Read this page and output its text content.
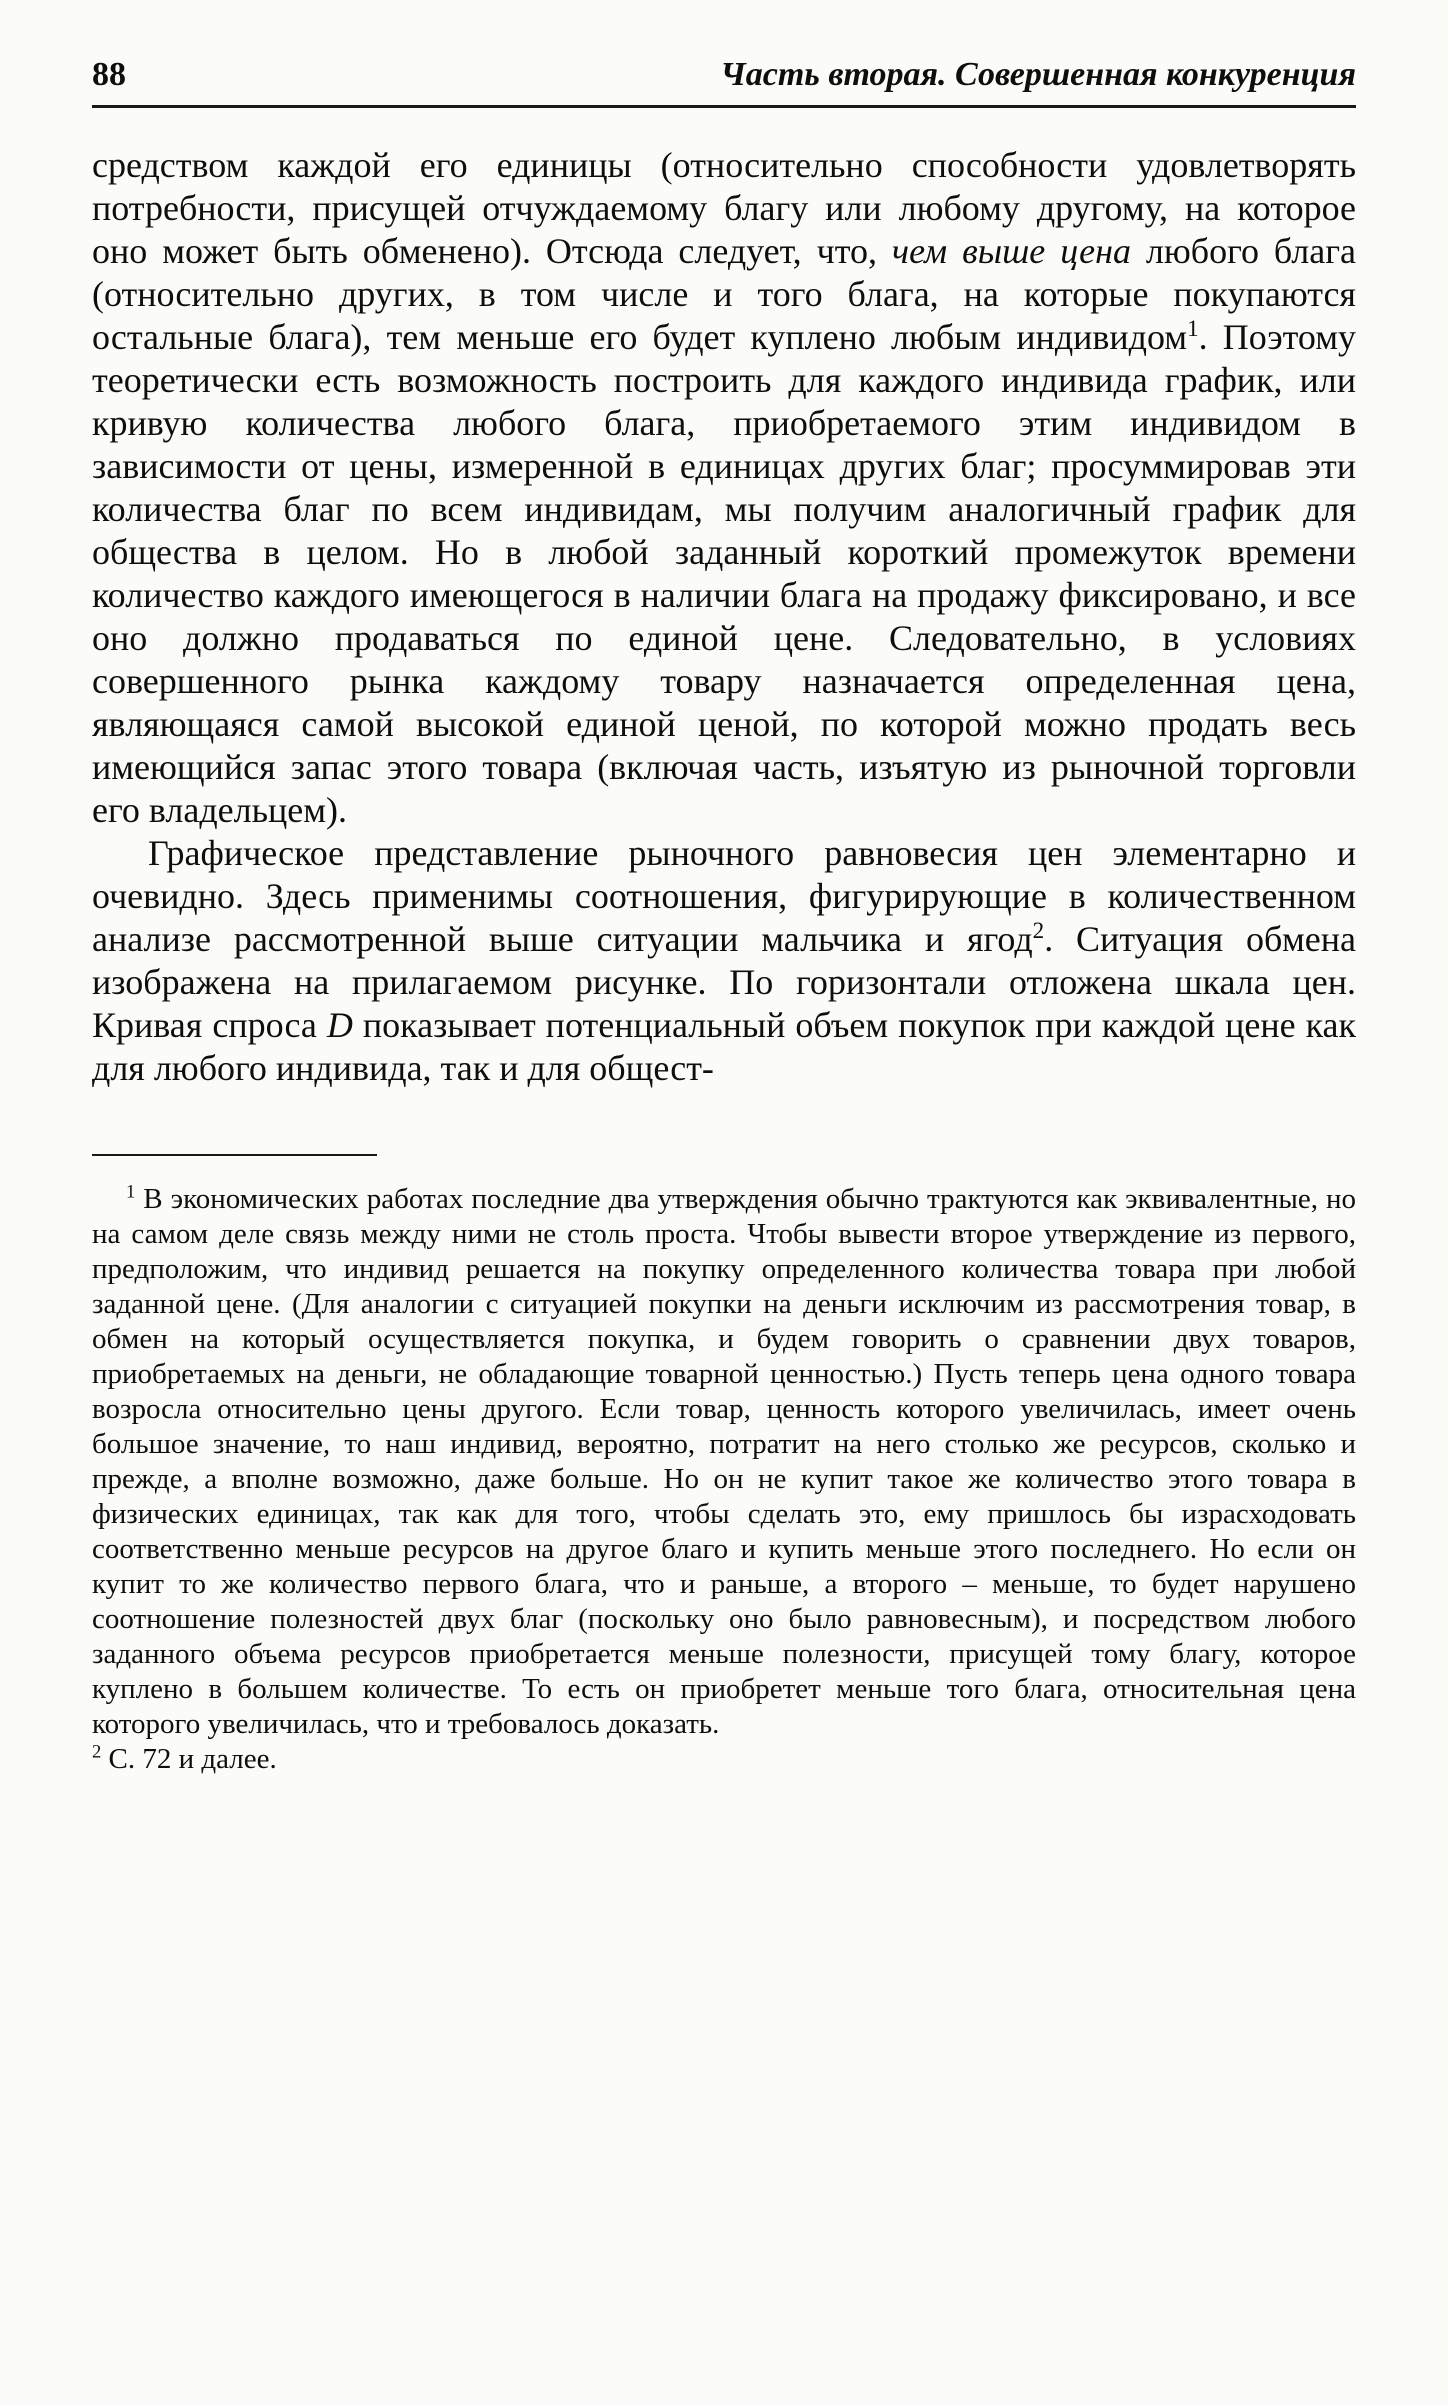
88	Часть вторая. Совершенная конкуренция

средством каждой его единицы (относительно способности удовлетворять потребности, присущей отчуждаемому благу или любому другому, на которое оно может быть обменено). Отсюда следует, что, чем выше цена любого блага (относительно других, в том числе и того блага, на которые покупаются остальные блага), тем меньше его будет куплено любым индивидом$^1$. Поэтому теоретически есть возможность построить для каждого индивида график, или кривую количества любого блага, приобретаемого этим индивидом в зависимости от цены, измеренной в единицах других благ; просуммировав эти количества благ по всем индивидам, мы получим аналогичный график для общества в целом. Но в любой заданный короткий промежуток времени количество каждого имеющегося в наличии блага на продажу фиксировано, и все оно должно продаваться по единой цене. Следовательно, в условиях совершенного рынка каждому товару назначается определенная цена, являющаяся самой высокой единой ценой, по которой можно продать весь имеющийся запас этого товара (включая часть, изъятую из рыночной торговли его владельцем).

Графическое представление рыночного равновесия цен элементарно и очевидно. Здесь применимы соотношения, фигурирующие в количественном анализе рассмотренной выше ситуации мальчика и ягод$^2$. Ситуация обмена изображена на прилагаемом рисунке. По горизонтали отложена шкала цен. Кривая спроса D показывает потенциальный объем покупок при каждой цене как для любого индивида, так и для общест-

$^1$ В экономических работах последние два утверждения обычно трактуются как эквивалентные, но на самом деле связь между ними не столь проста. Чтобы вывести второе утверждение из первого, предположим, что индивид решается на покупку определенного количества товара при любой заданной цене. (Для аналогии с ситуацией покупки на деньги исключим из рассмотрения товар, в обмен на который осуществляется покупка, и будем говорить о сравнении двух товаров, приобретаемых на деньги, не обладающие товарной ценностью.) Пусть теперь цена одного товара возросла относительно цены другого. Если товар, ценность которого увеличилась, имеет очень большое значение, то наш индивид, вероятно, потратит на него столько же ресурсов, сколько и прежде, а вполне возможно, даже больше. Но он не купит такое же количество этого товара в физических единицах, так как для того, чтобы сделать это, ему пришлось бы израсходовать соответственно меньше ресурсов на другое благо и купить меньше этого последнего. Но если он купит то же количество первого блага, что и раньше, а второго – меньше, то будет нарушено соотношение полезностей двух благ (поскольку оно было равновесным), и посредством любого заданного объема ресурсов приобретается меньше полезности, присущей тому благу, которое куплено в большем количестве. То есть он приобретет меньше того блага, относительная цена которого увеличилась, что и требовалось доказать.

$^2$ С. 72 и далее.
